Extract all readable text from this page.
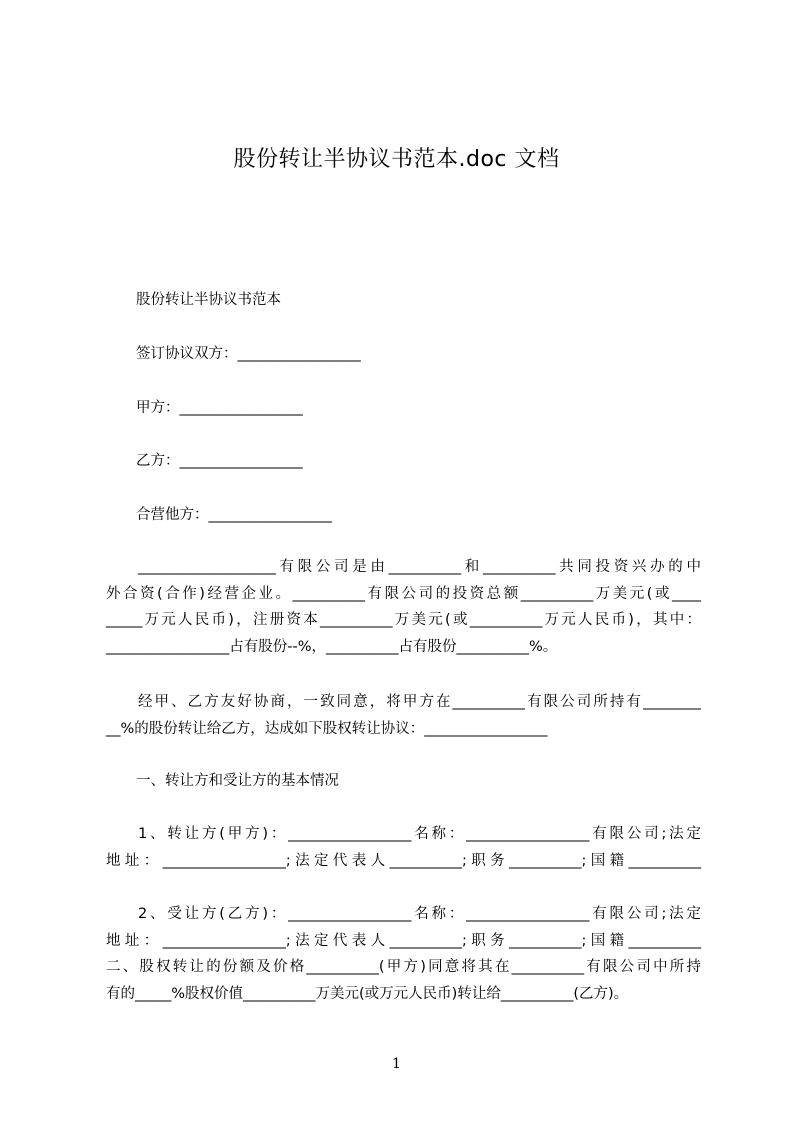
股份转让半协议书范本.doc 文档
股份转让半协议书范本
签订协议双方：_________________
甲方：_________________
乙方：_________________
合营他方：_________________
___________________有限公司是由__________和__________共同投资兴办的中
外合资(合作)经营企业。__________有限公司的投资总额__________万美元(或____
_____万元人民币)，注册资本__________万美元(或__________万元人民币)，其中：
_________________占有股份--%，__________占有股份__________%。
经甲、乙方友好协商，一致同意，将甲方在__________有限公司所持有________
__%的股份转让给乙方，达成如下股权转让协议：_________________
一、转让方和受让方的基本情况
1、转让方(甲方)：_________________名称：_________________有限公司;法定
地址：_________________;法定代表人__________;职务__________;国籍__________
2、受让方(乙方)：_________________名称：_________________有限公司;法定
地址：_________________;法定代表人__________;职务__________;国籍__________
二、股权转让的份额及价格__________(甲方)同意将其在__________有限公司中所持
有的_____%股权价值__________万美元(或万元人民币)转让给__________(乙方)。
1
